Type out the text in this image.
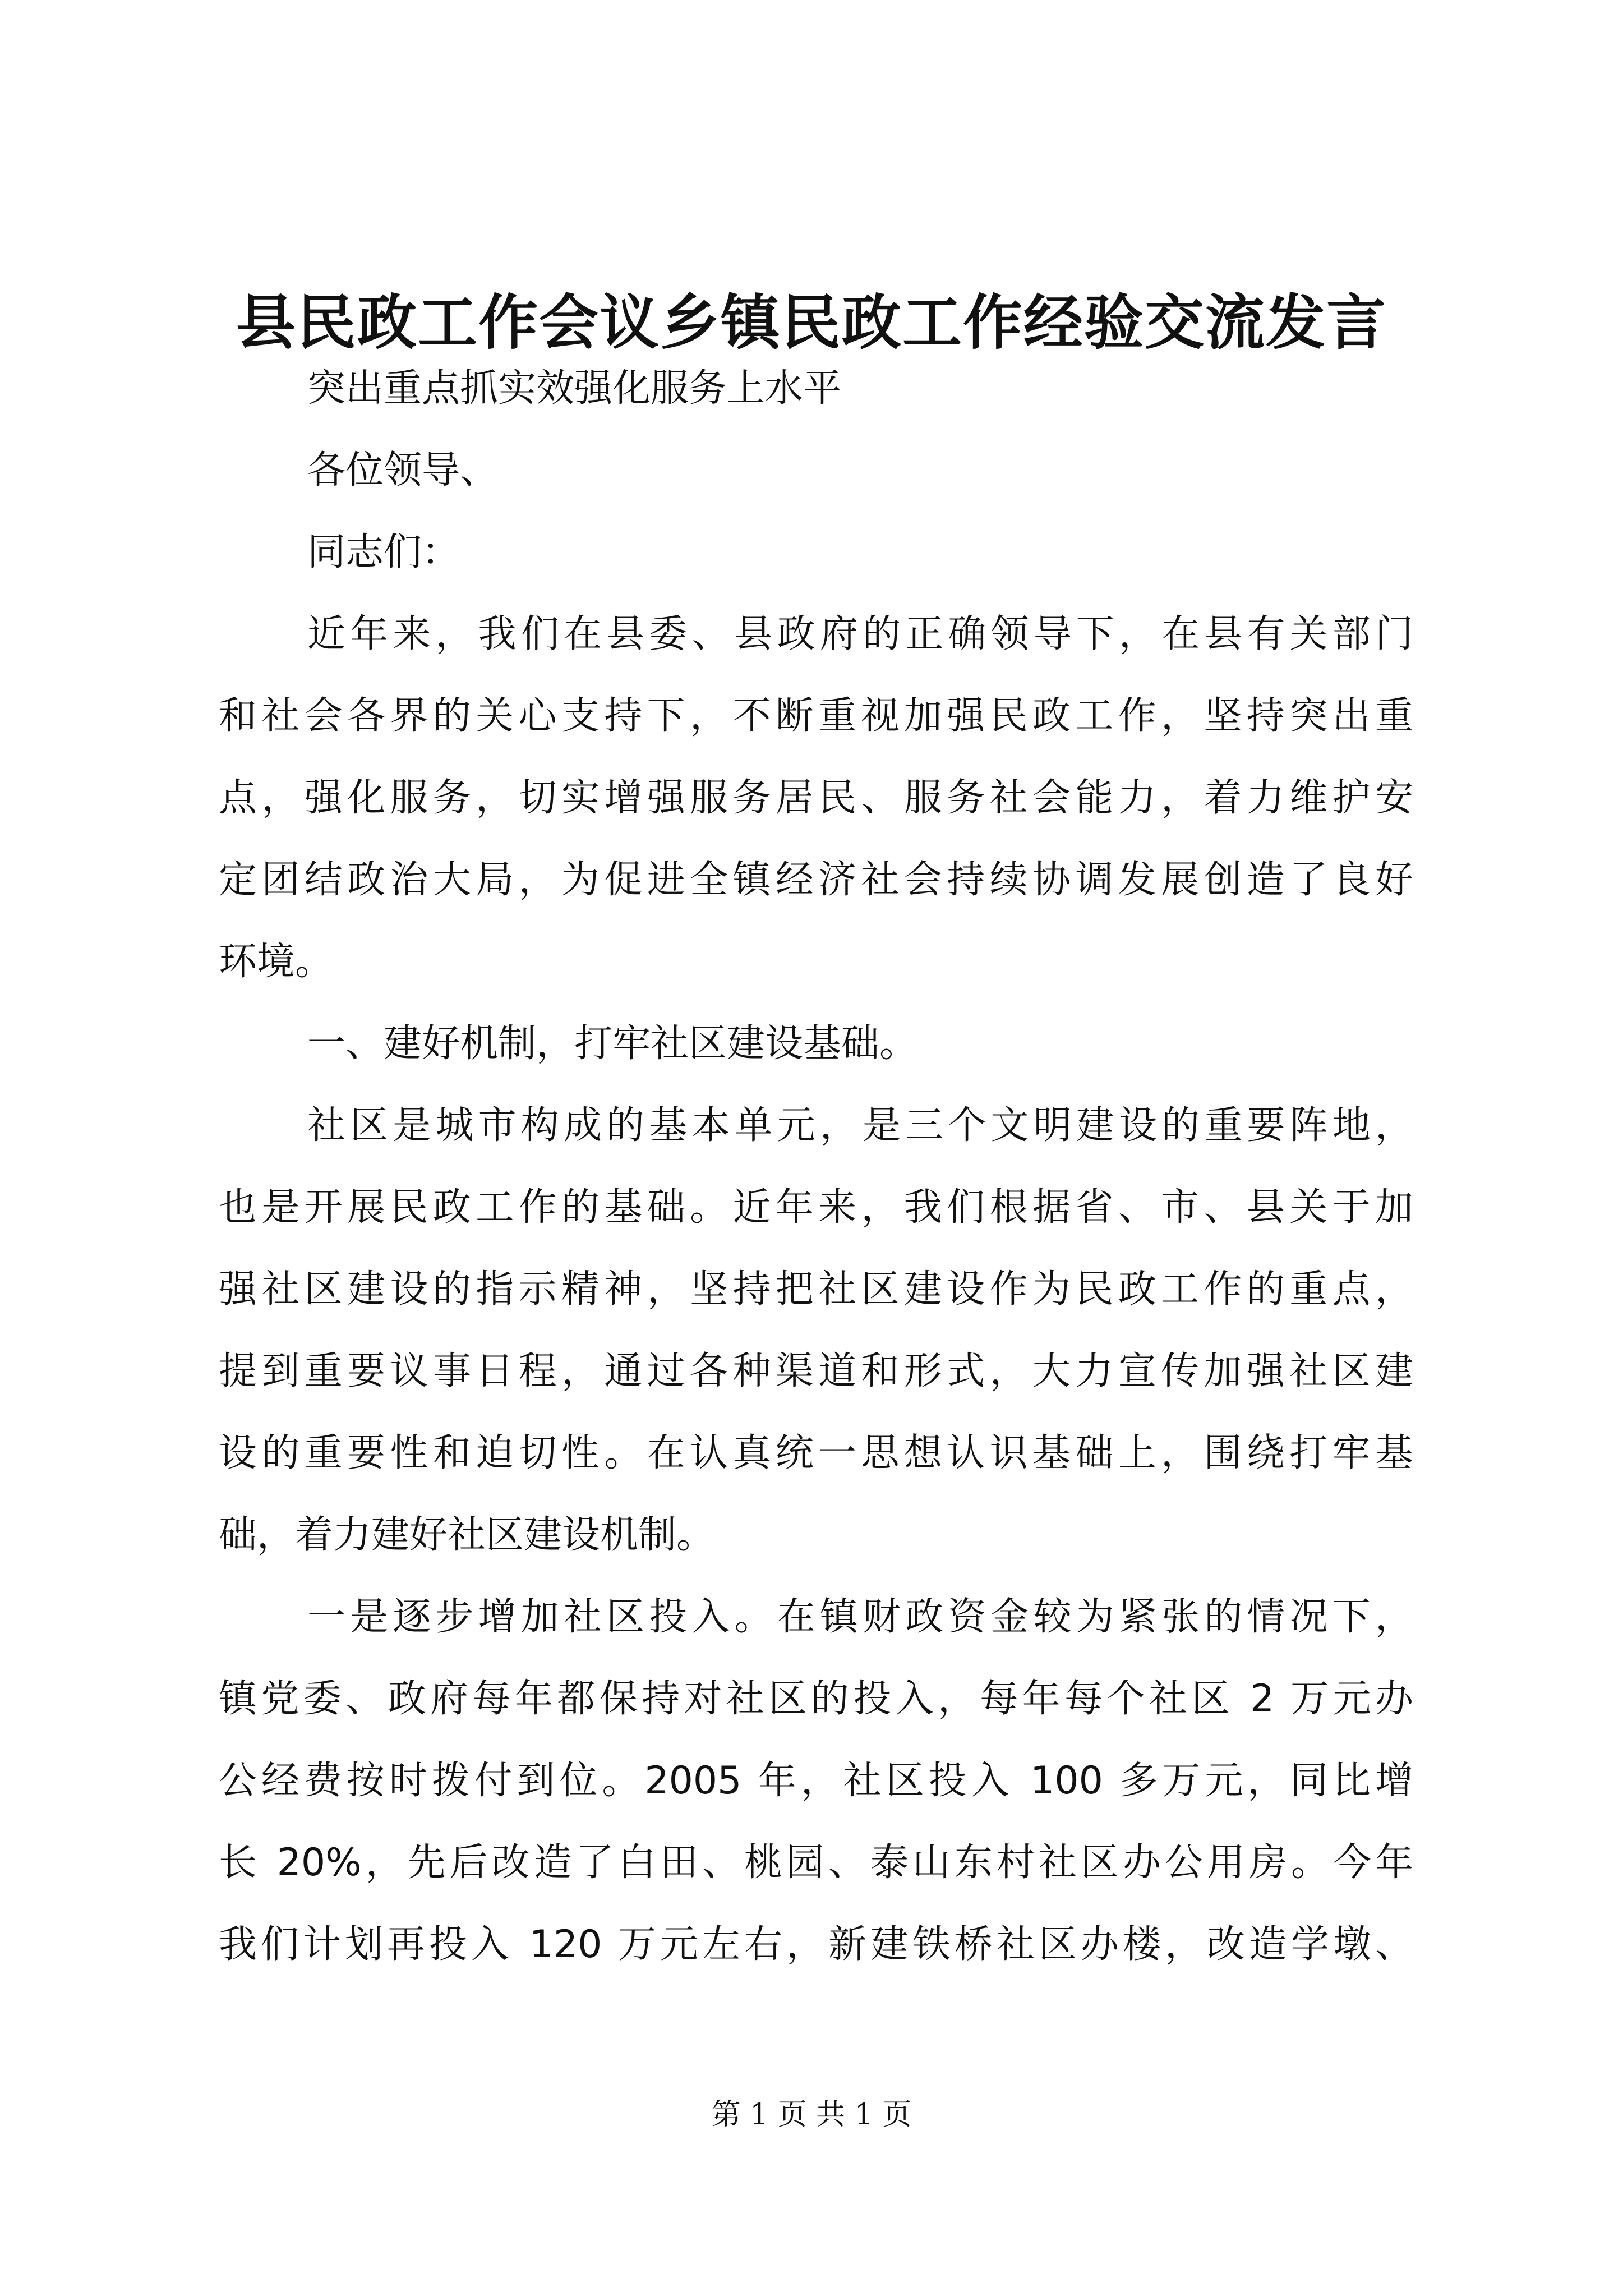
县民政工作会议乡镇民政工作经验交流发言
突出重点抓实效强化服务上水平
各位领导、
同志们：
近年来，我们在县委、县政府的正确领导下，在县有关部门
和社会各界的关心支持下，不断重视加强民政工作，坚持突出重
点，强化服务，切实增强服务居民、服务社会能力，着力维护安
定团结政治大局，为促进全镇经济社会持续协调发展创造了良好
环境。
一、建好机制，打牢社区建设基础。
社区是城市构成的基本单元，是三个文明建设的重要阵地，
也是开展民政工作的基础。近年来，我们根据省、市、县关于加
强社区建设的指示精神，坚持把社区建设作为民政工作的重点，
提到重要议事日程，通过各种渠道和形式，大力宣传加强社区建
设的重要性和迫切性。在认真统一思想认识基础上，围绕打牢基
础，着力建好社区建设机制。
一是逐步增加社区投入。在镇财政资金较为紧张的情况下，
镇党委、政府每年都保持对社区的投入，每年每个社区 2 万元办
公经费按时拨付到位。2005 年，社区投入 100 多万元，同比增
长 20%，先后改造了白田、桃园、泰山东村社区办公用房。今年
我们计划再投入 120 万元左右，新建铁桥社区办楼，改造学墩、
第 1 页 共 1 页
